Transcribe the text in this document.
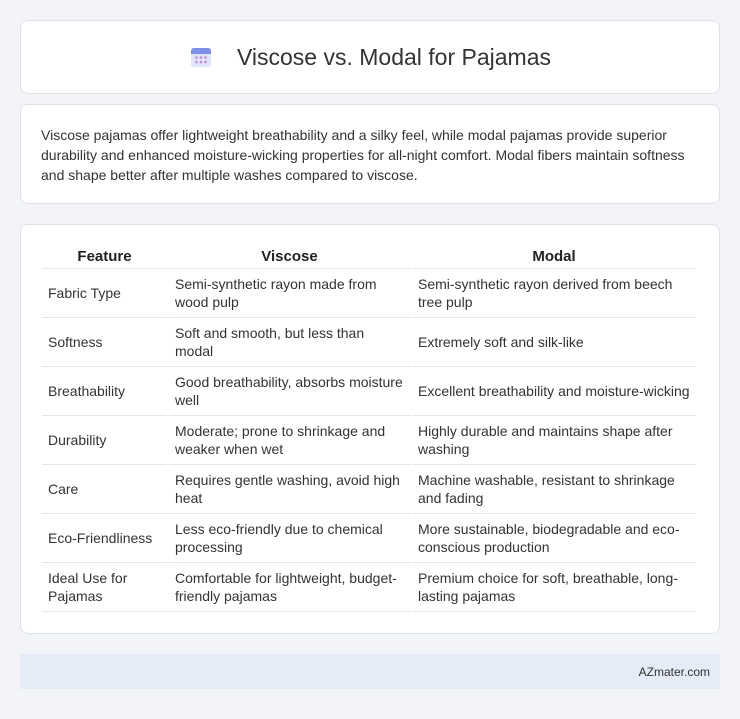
Viscose vs. Modal for Pajamas

Viscose pajamas offer lightweight breathability and a silky feel, while modal pajamas provide superior durability and enhanced moisture-wicking properties for all-night comfort. Modal fibers maintain softness and shape better after multiple washes compared to viscose.

Feature	Viscose	Modal
Fabric Type	Semi-synthetic rayon made from wood pulp	Semi-synthetic rayon derived from beech tree pulp
Softness	Soft and smooth, but less than modal	Extremely soft and silk-like
Breathability	Good breathability, absorbs moisture well	Excellent breathability and moisture-wicking
Durability	Moderate; prone to shrinkage and weaker when wet	Highly durable and maintains shape after washing
Care	Requires gentle washing, avoid high heat	Machine washable, resistant to shrinkage and fading
Eco-Friendliness	Less eco-friendly due to chemical processing	More sustainable, biodegradable and eco-conscious production
Ideal Use for Pajamas	Comfortable for lightweight, budget-friendly pajamas	Premium choice for soft, breathable, long-lasting pajamas
AZmater.com
